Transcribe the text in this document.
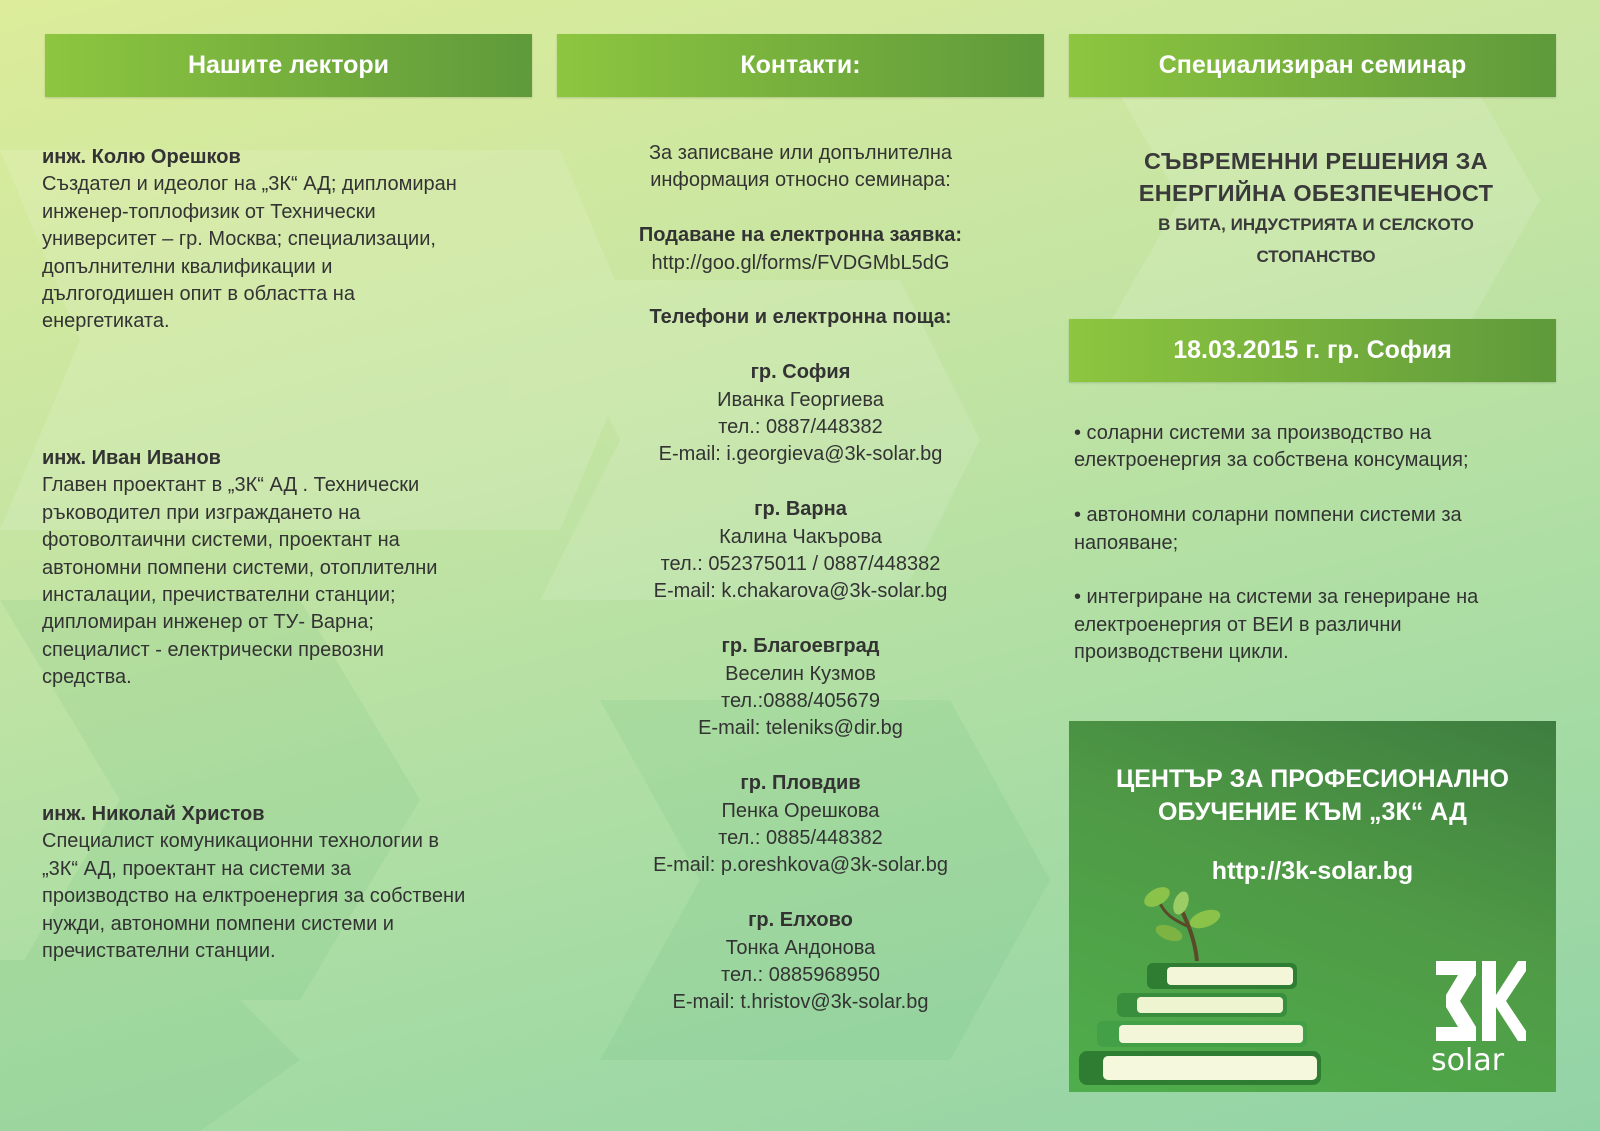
Нашите лектори	Контакти:	Специализиран семинар
инж. Колю Орешков
Създател и идеолог на „3К“ АД; дипломиран
инженер-топлофизик от Технически
университет – гр. Москва; специализации,
допълнителни квалификации и
дългогодишен опит в областта на
енергетиката.
инж. Иван Иванов
Главен проектант в „3К“ АД . Технически
ръководител при изграждането на
фотоволтаични системи, проектант на
автономни помпени системи, отоплителни
инсталации, пречиствателни станции;
дипломиран инженер от ТУ- Варна;
специалист - електрически превозни
средства.
инж. Николай Христов
Специалист комуникационни технологии в
„3К“ АД, проектант на системи за
производство на елктроенергия за собствени
нужди, автономни помпени системи и
пречиствателни станции.
За записване или допълнителна
информация относно семинара:
Подаване на електронна заявка:
http://goo.gl/forms/FVDGMbL5dG
Телефони и електронна поща:
гр. София
Иванка Георгиева
тел.: 0887/448382
E-mail: i.georgieva@3k-solar.bg
гр. Варна
Калина Чакърова
тел.: 052375011 / 0887/448382
E-mail: k.chakarova@3k-solar.bg
гр. Благоевград
Веселин Кузмов
тел.:0888/405679
E-mail: teleniks@dir.bg
гр. Пловдив
Пенка Орешкова
тел.: 0885/448382
E-mail: p.oreshkova@3k-solar.bg
гр. Елхово
Тонка Андонова
тел.: 0885968950
E-mail: t.hristov@3k-solar.bg
СЪВРЕМЕННИ РЕШЕНИЯ ЗА
ЕНЕРГИЙНА ОБЕЗПЕЧЕНОСТ
В БИТА, ИНДУСТРИЯТА И СЕЛСКОТО
СТОПАНСТВО
18.03.2015 г. гр. София
• соларни системи за производство на електроенергия за собствена консумация;
• автономни соларни помпени системи за напояване;
• интегриране на системи за генериране на електроенергия от ВЕИ в различни производствени цикли.
ЦЕНТЪР ЗА ПРОФЕСИОНАЛНО
ОБУЧЕНИЕ КЪМ „3К“ АД
http://3k-solar.bg
solar
